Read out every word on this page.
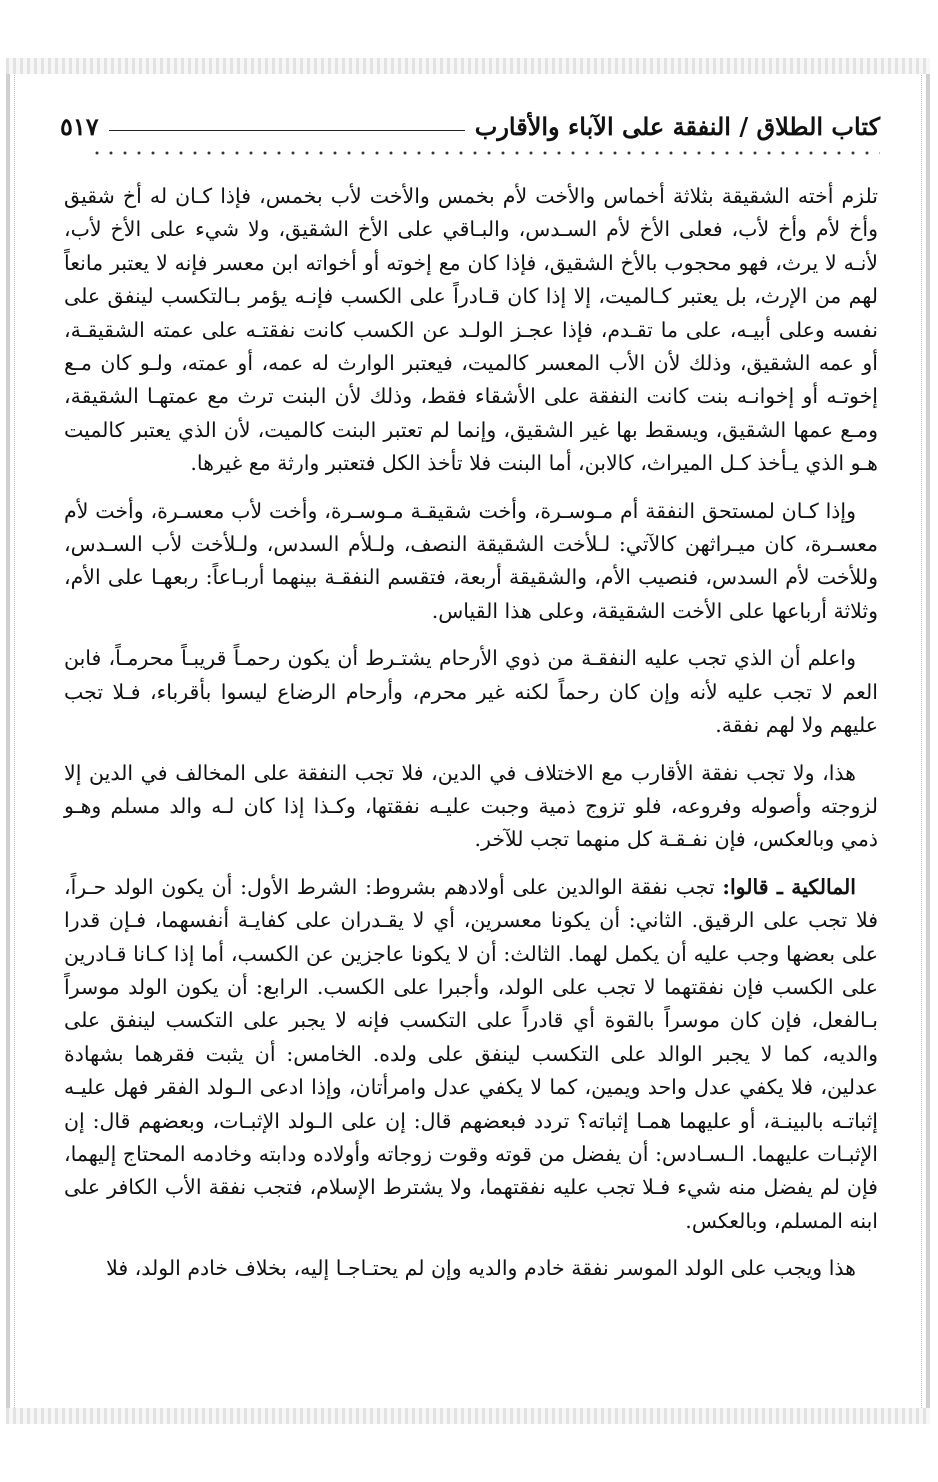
كتاب الطلاق / النفقة على الآباء والأقارب
٥١٧

تلزم أخته الشقيقة بثلاثة أخماس والأخت لأم بخمس والأخت لأب بخمس، فإذا كـان له أخ شقيق وأخ لأم وأخ لأب، فعلى الأخ لأم السـدس، والبـاقي على الأخ الشقيق، ولا شيء على الأخ لأب، لأنـه لا يرث، فهو محجوب بالأخ الشقيق، فإذا كان مع إخوته أو أخواته ابن معسر فإنه لا يعتبر مانعاً لهم من الإرث، بل يعتبر كـالميت، إلا إذا كان قـادراً على الكسب فإنـه يؤمر بـالتكسب لينفق على نفسه وعلى أبيـه، على ما تقـدم، فإذا عجـز الولـد عن الكسب كانت نفقتـه على عمته الشقيقـة، أو عمه الشقيق، وذلك لأن الأب المعسر كالميت، فيعتبر الوارث له عمه، أو عمته، ولـو كان مـع إخوتـه أو إخوانـه بنت كانت النفقة على الأشقاء فقط، وذلك لأن البنت ترث مع عمتهـا الشقيقة، ومـع عمها الشقيق، ويسقط بها غير الشقيق، وإنما لم تعتبر البنت كالميت، لأن الذي يعتبر كالميت هـو الذي يـأخذ كـل الميراث، كالابن، أما البنت فلا تأخذ الكل فتعتبر وارثة مع غيرها.

وإذا كـان لمستحق النفقة أم مـوسـرة، وأخت شقيقـة مـوسـرة، وأخت لأب معسـرة، وأخت لأم معسـرة، كان ميـراثهن كالآتي: لـلأخت الشقيقة النصف، ولـلأم السدس، ولـلأخت لأب السـدس، وللأخت لأم السدس، فنصيب الأم، والشقيقة أربعة، فتقسم النفقـة بينهما أربـاعاً: ربعهـا على الأم، وثلاثة أرباعها على الأخت الشقيقة، وعلى هذا القياس.

واعلم أن الذي تجب عليه النفقـة من ذوي الأرحام يشتـرط أن يكون رحمـاً قريبـاً محرمـاً، فابن العم لا تجب عليه لأنه وإن كان رحماً لكنه غير محرم، وأرحام الرضاع ليسوا بأقرباء، فـلا تجب عليهم ولا لهم نفقة.

هذا، ولا تجب نفقة الأقارب مع الاختلاف في الدين، فلا تجب النفقة على المخالف في الدين إلا لزوجته وأصوله وفروعه، فلو تزوج ذمية وجبت عليـه نفقتها، وكـذا إذا كان لـه والد مسلم وهـو ذمي وبالعكس، فإن نفـقـة كل منهما تجب للآخر.

المالكية ـ قالوا: تجب نفقة الوالدين على أولادهم بشروط: الشرط الأول: أن يكون الولد حـراً، فلا تجب على الرقيق. الثاني: أن يكونا معسرين، أي لا يقـدران على كفايـة أنفسهما، فـإن قدرا على بعضها وجب عليه أن يكمل لهما. الثالث: أن لا يكونا عاجزين عن الكسب، أما إذا كـانا قـادرين على الكسب فإن نفقتهما لا تجب على الولد، وأجبرا على الكسب. الرابع: أن يكون الولد موسراً بـالفعل، فإن كان موسراً بالقوة أي قادراً على التكسب فإنه لا يجبر على التكسب لينفق على والديه، كما لا يجبر الوالد على التكسب لينفق على ولده. الخامس: أن يثبت فقرهما بشهادة عدلين، فلا يكفي عدل واحد ويمين، كما لا يكفي عدل وامرأتان، وإذا ادعى الـولد الفقر فهل عليـه إثباتـه بالبينـة، أو عليهما همـا إثباته؟ تردد فبعضهم قال: إن على الـولد الإثبـات، وبعضهم قال: إن الإثبـات عليهما. الـسـادس: أن يفضل من قوته وقوت زوجاته وأولاده ودابته وخادمه المحتاج إليهما، فإن لم يفضل منه شيء فـلا تجب عليه نفقتهما، ولا يشترط الإسلام، فتجب نفقة الأب الكافر على ابنه المسلم، وبالعكس.

هذا ويجب على الولد الموسر نفقة خادم والديه وإن لم يحتـاجـا إليه، بخلاف خادم الولد، فلا
